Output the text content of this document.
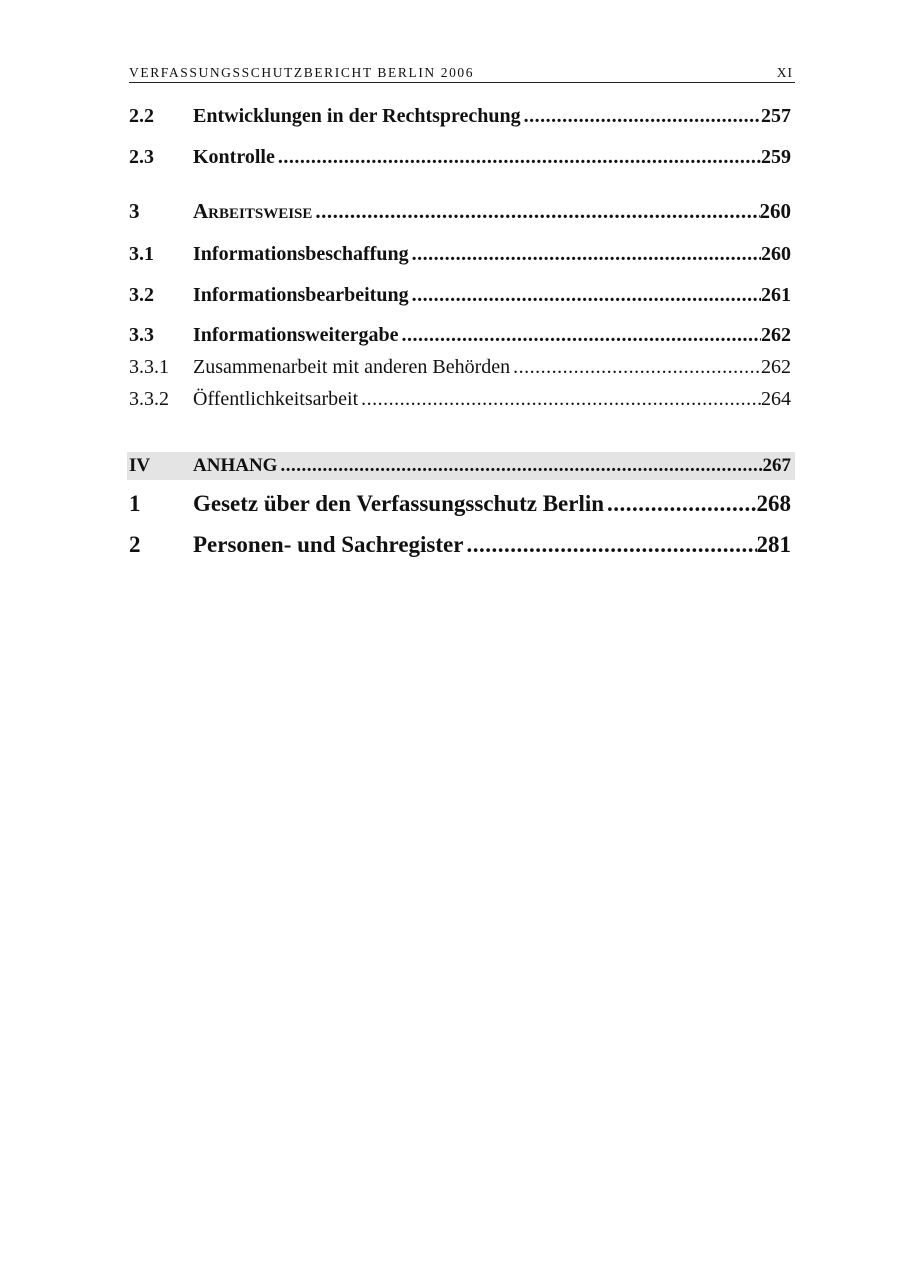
VERFASSUNGSSCHUTZBERICHT BERLIN 2006	XI
2.2	Entwicklungen in der Rechtsprechung .....	257
2.3	Kontrolle .....	259
3	Arbeitsweise .....	260
3.1	Informationsbeschaffung .....	260
3.2	Informationsbearbeitung .....	261
3.3	Informationsweitergabe .....	262
3.3.1	Zusammenarbeit mit anderen Behörden .....	262
3.3.2	Öffentlichkeitsarbeit .....	264
IV	ANHANG .....	267
1	Gesetz über den Verfassungsschutz Berlin .....	268
2	Personen- und Sachregister .....	281
